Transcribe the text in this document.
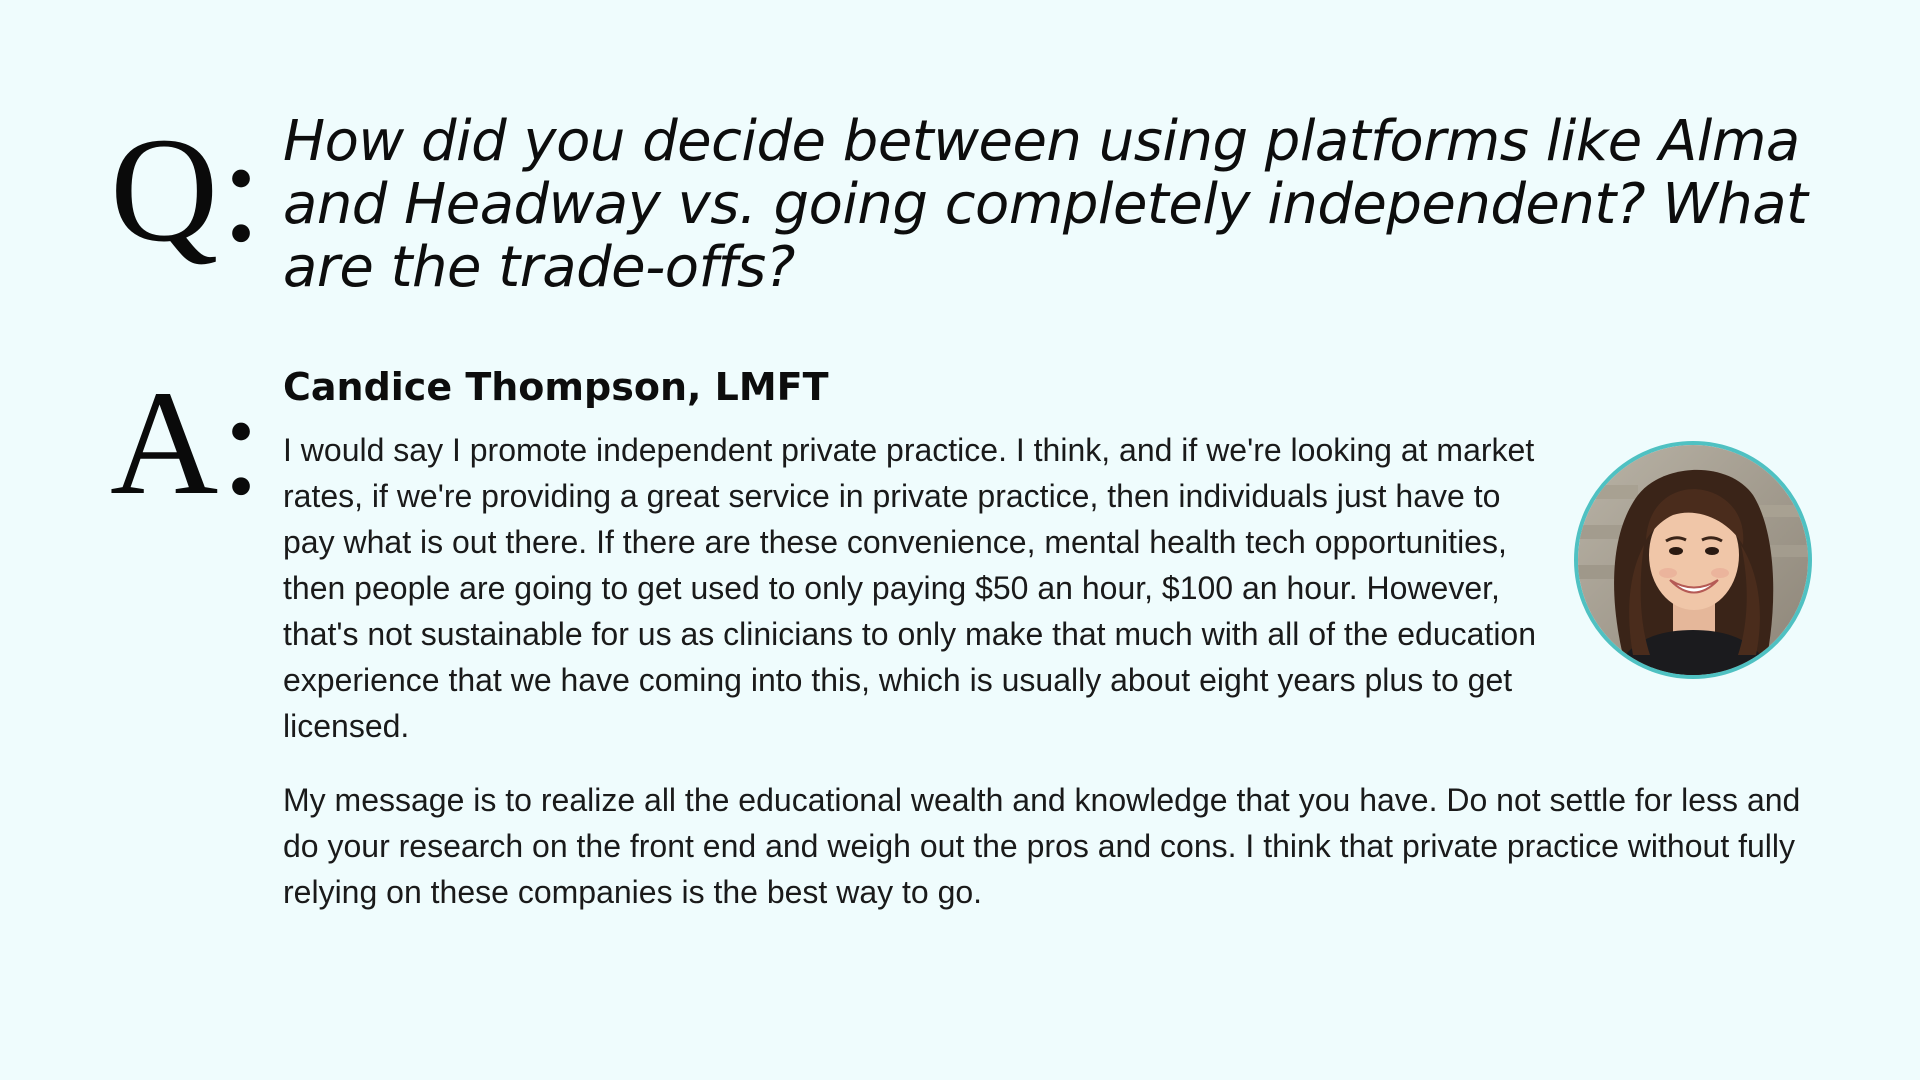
Q: How did you decide between using platforms like Alma and Headway vs. going completely independent? What are the trade-offs?
A: Candice Thompson, LMFT

I would say I promote independent private practice. I think, and if we're looking at market rates, if we're providing a great service in private practice, then individuals just have to pay what is out there. If there are these convenience, mental health tech opportunities, then people are going to get used to only paying $50 an hour, $100 an hour. However, that's not sustainable for us as clinicians to only make that much with all of the education experience that we have coming into this, which is usually about eight years plus to get licensed.

My message is to realize all the educational wealth and knowledge that you have. Do not settle for less and do your research on the front end and weigh out the pros and cons. I think that private practice without fully relying on these companies is the best way to go.
